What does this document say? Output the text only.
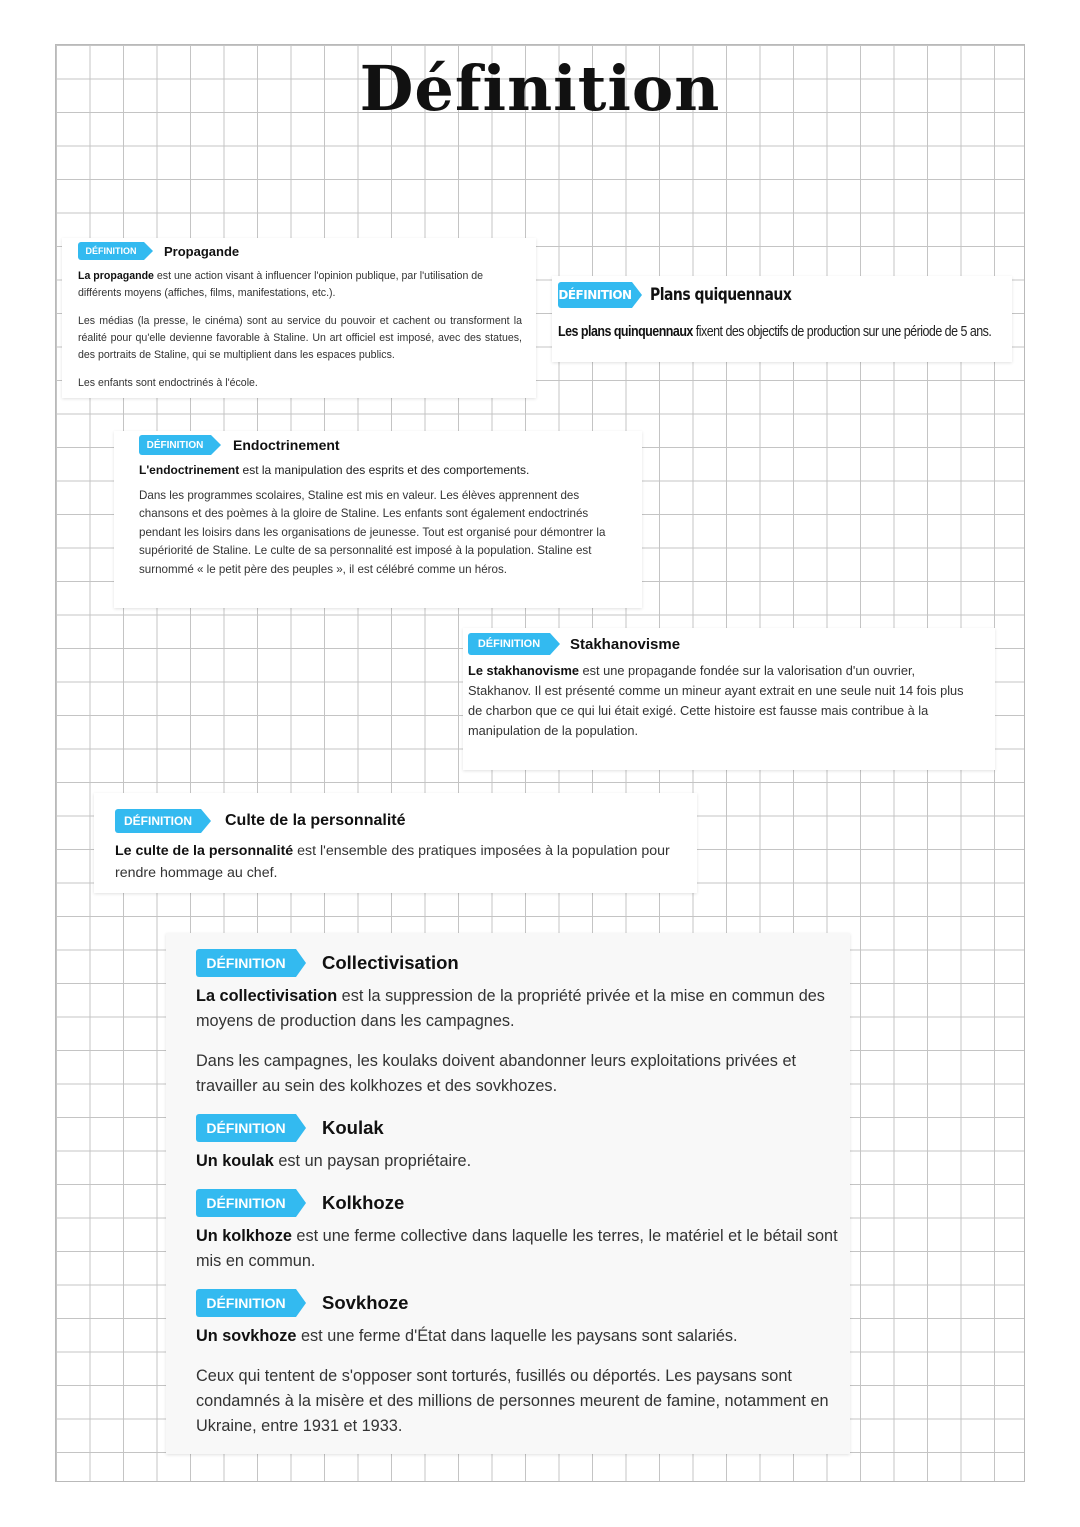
Définition
DÉFINITION	Propagande

La propagande est une action visant à influencer l'opinion publique, par l'utilisation de différents moyens (affiches, films, manifestations, etc.).

Les médias (la presse, le cinéma) sont au service du pouvoir et cachent ou transforment la réalité pour qu'elle devienne favorable à Staline. Un art officiel est imposé, avec des statues, des portraits de Staline, qui se multiplient dans les espaces publics.

Les enfants sont endoctrinés à l'école.

DÉFINITION Plans quiquennaux

Les plans quinquennaux fixent des objectifs de production sur une période de 5 ans.

DÉFINITION	Endoctrinement

L'endoctrinement est la manipulation des esprits et des comportements.

Dans les programmes scolaires, Staline est mis en valeur. Les élèves apprennent des chansons et des poèmes à la gloire de Staline. Les enfants sont également endoctrinés pendant les loisirs dans les organisations de jeunesse. Tout est organisé pour démontrer la supériorité de Staline. Le culte de sa personnalité est imposé à la population. Staline est surnommé « le petit père des peuples », il est célébré comme un héros.

DÉFINITION	Stakhanovisme

Le stakhanovisme est une propagande fondée sur la valorisation d'un ouvrier, Stakhanov. Il est présenté comme un mineur ayant extrait en une seule nuit 14 fois plus de charbon que ce qui lui était exigé. Cette histoire est fausse mais contribue à la manipulation de la population.

DÉFINITION	Culte de la personnalité

Le culte de la personnalité est l'ensemble des pratiques imposées à la population pour rendre hommage au chef.

DÉFINITION	Collectivisation

La collectivisation est la suppression de la propriété privée et la mise en commun des moyens de production dans les campagnes.

Dans les campagnes, les koulaks doivent abandonner leurs exploitations privées et travailler au sein des kolkhozes et des sovkhozes.

DÉFINITION	Koulak

Un koulak est un paysan propriétaire.

DÉFINITION	Kolkhoze

Un kolkhoze est une ferme collective dans laquelle les terres, le matériel et le bétail sont mis en commun.

DÉFINITION	Sovkhoze

Un sovkhoze est une ferme d'État dans laquelle les paysans sont salariés.

Ceux qui tentent de s'opposer sont torturés, fusillés ou déportés. Les paysans sont condamnés à la misère et des millions de personnes meurent de famine, notamment en Ukraine, entre 1931 et 1933.
